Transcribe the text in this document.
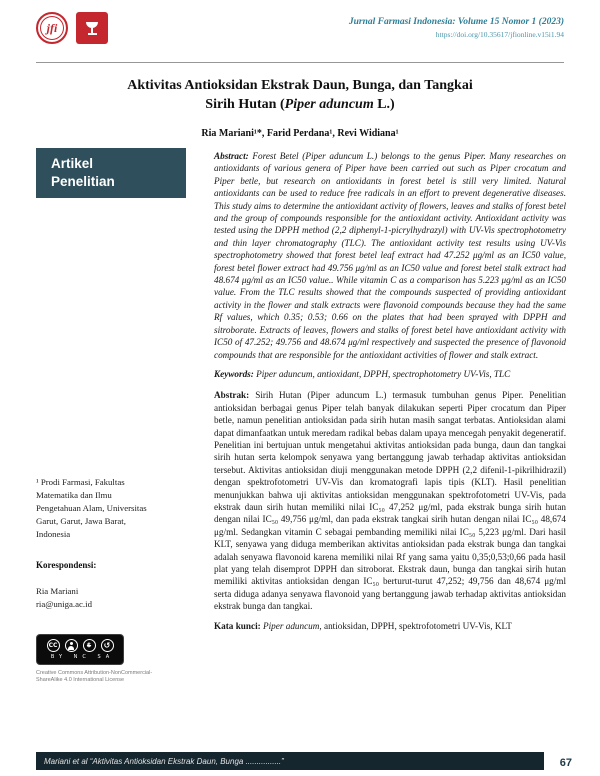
jfi	Jurnal Farmasi Indonesia: Volume 15 Nomor 1 (2023)
https://doi.org/10.35617/jfionline.v15i1.94
Aktivitas Antioksidan Ekstrak Daun, Bunga, dan Tangkai
Sirih Hutan (Piper aduncum L.)
Ria Mariani¹*, Farid Perdana¹, Revi Widiana¹
Artikel
Penelitian
¹ Prodi Farmasi, Fakultas Matematika dan Ilmu Pengetahuan Alam, Universitas Garut, Garut, Jawa Barat, Indonesia
Korespondensi:
Ria Mariani
ria@uniga.ac.id
CC	$	↺
BY NC SA
Creative Commons Attribution-NonCommercial-ShareAlike 4.0 International License

Abstract: Forest Betel (Piper aduncum L.) belongs to the genus Piper. Many researches on antioxidants of various genera of Piper have been carried out such as Piper crocatum and Piper betle, but research on antioxidants in forest betel is still very limited. Natural antioxidants can be used to reduce free radicals in an effort to prevent degenerative diseases. This study aims to determine the antioxidant activity of flowers, leaves and stalks of forest betel and the group of compounds responsible for the antioxidant activity. Antioxidant activity was tested using the DPPH method (2,2 diphenyl-1-picrylhydrazyl) with UV-Vis spectrophotometry and thin layer chromatography (TLC). The antioxidant activity test results using UV-Vis spectrophotometry showed that forest betel leaf extract had 47.252 μg/ml as an IC50 value, forest betel flower extract had 49.756 μg/ml as an IC50 value and forest betel stalk extract had 48.674 μg/ml as an IC50 value.. While vitamin C as a comparison has 5.223 μg/ml as an IC50 value. From the TLC results showed that the compounds suspected of providing antioxidant activity in the flower and stalk extracts were flavonoid compounds because they had the same Rf values, which 0.35; 0.53; 0.66 on the plates that had been sprayed with DPPH and sitroborate. Extracts of leaves, flowers and stalks of forest betel have antioxidant activity with IC50 of 47.252; 49.756 and 48.674 μg/ml respectively and suspected the presence of flavonoid compounds that are responsible for the antioxidant activities of flower and stalk extract.

Keywords: Piper aduncum, antioxidant, DPPH, spectrophotometry UV-Vis, TLC

Abstrak: Sirih Hutan (Piper aduncum L.) termasuk tumbuhan genus Piper. Penelitian antioksidan berbagai genus Piper telah banyak dilakukan seperti Piper crocatum dan Piper betle, namun penelitian antioksidan pada sirih hutan masih sangat terbatas. Antioksidan alami dapat dimanfaatkan untuk meredam radikal bebas dalam upaya mencegah penyakit degeneratif. Penelitian ini bertujuan untuk mengetahui aktivitas antioksidan pada bunga, daun dan tangkai sirih hutan serta kelompok senyawa yang bertanggung jawab terhadap aktivitas antioksidan tersebut. Aktivitas antioksidan diuji menggunakan metode DPPH (2,2 difenil-1-pikrilhidrazil) dengan spektrofotometri UV-Vis dan kromatografi lapis tipis (KLT). Hasil penelitian menunjukkan bahwa uji aktivitas antioksidan menggunakan spektrofotometri UV-Vis, pada ekstrak daun sirih hutan memiliki nilai IC₅₀ 47,252 μg/ml, pada ekstrak bunga sirih hutan dengan nilai IC₅₀ 49,756 μg/ml, dan pada ekstrak tangkai sirih hutan dengan nilai IC₅₀ 48,674 μg/ml. Sedangkan vitamin C sebagai pembanding memiliki nilai IC₅₀ 5,223 μg/ml. Dari hasil KLT, senyawa yang diduga memberikan aktivitas antioksidan pada ekstrak bunga dan tangkai adalah senyawa flavonoid karena memiliki nilai Rf yang sama yaitu 0,35;0,53;0,66 pada hasil plat yang telah disemprot DPPH dan sitroborat. Ekstrak daun, bunga dan tangkai sirih hutan memiliki aktivitas antioksidan dengan IC₅₀ berturut-turut 47,252; 49,756 dan 48,674 μg/ml serta diduga adanya senyawa flavonoid yang bertanggung jawab terhadap aktivitas antioksidan ekstrak bunga dan tangkai.

Kata kunci: Piper aduncum, antioksidan, DPPH, spektrofotometri UV-Vis, KLT

Mariani et al “Aktivitas Antioksidan Ekstrak Daun, Bunga ................”	67
